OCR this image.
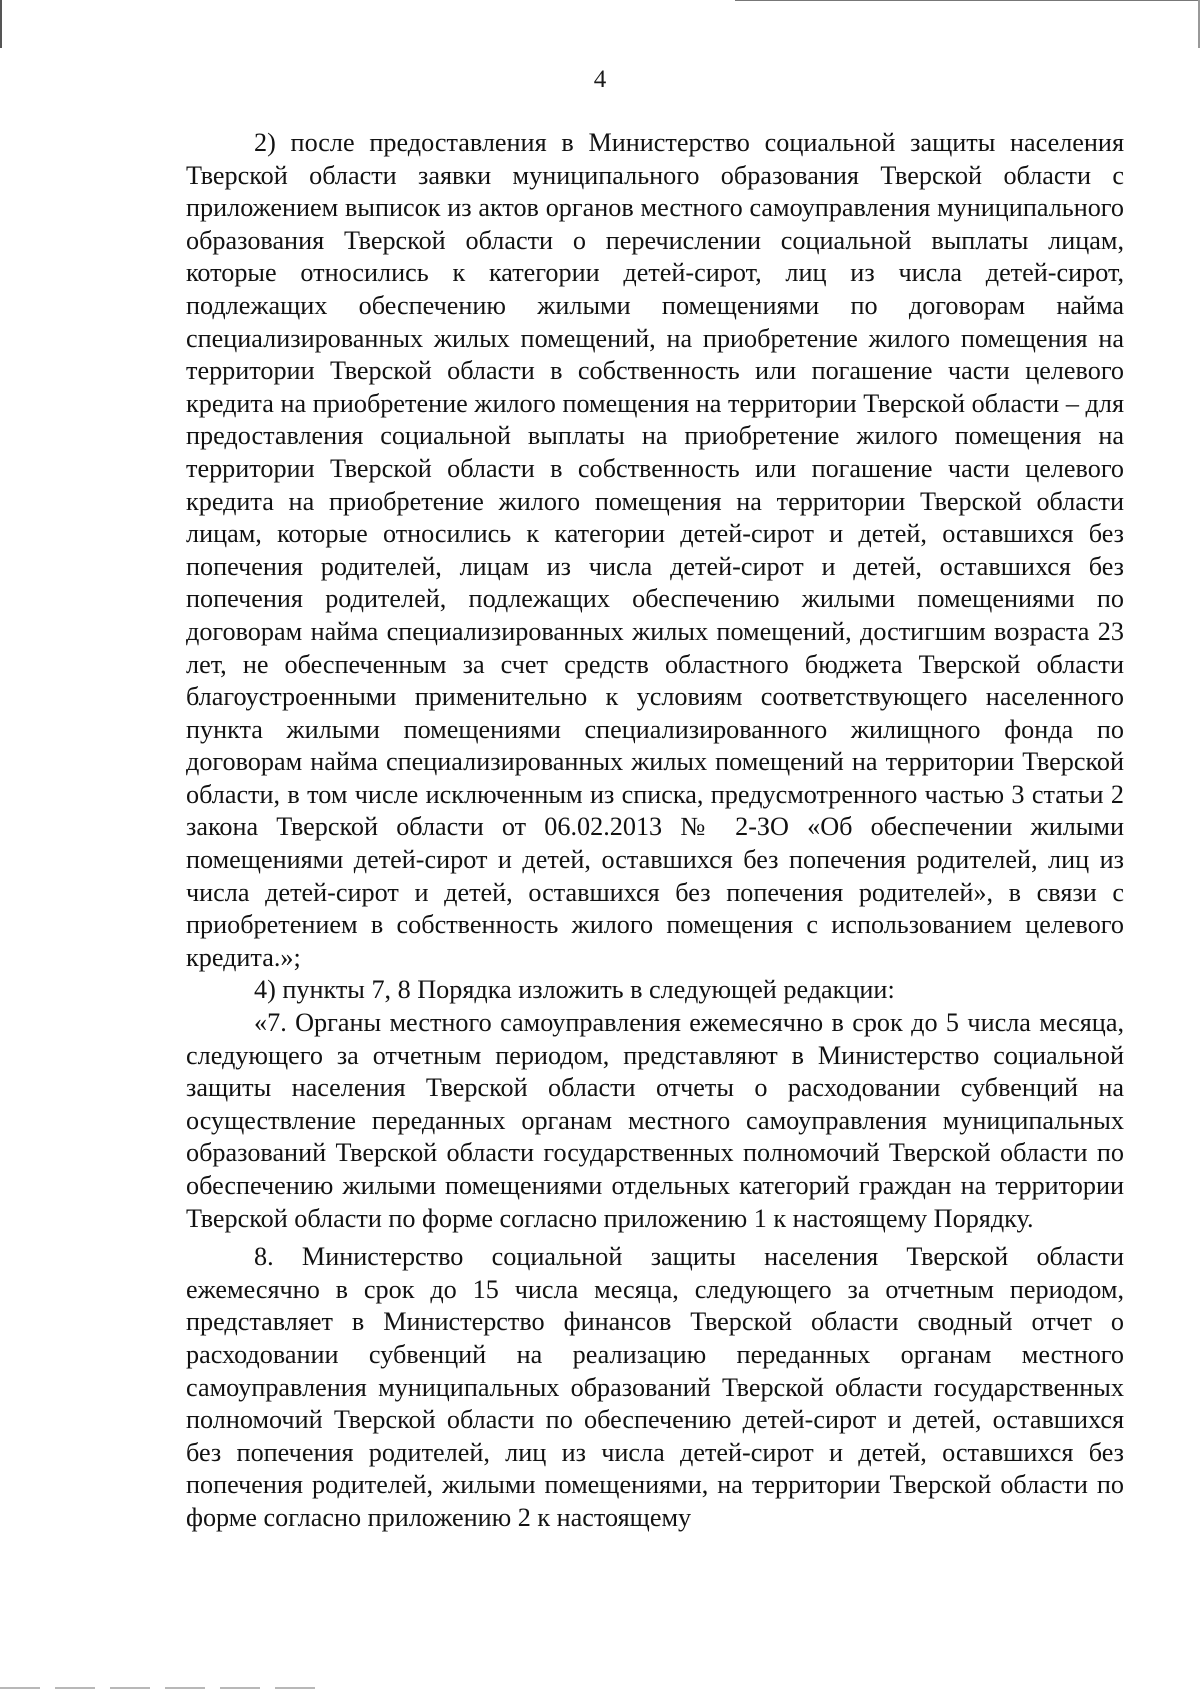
4

2) после предоставления в Министерство социальной защиты населения Тверской области заявки муниципального образования Тверской области с приложением выписок из актов органов местного самоуправления муниципального образования Тверской области о перечислении социальной выплаты лицам, которые относились к категории детей-сирот, лиц из числа детей-сирот, подлежащих обеспечению жилыми помещениями по договорам найма специализированных жилых помещений, на приобретение жилого помещения на территории Тверской области в собственность или погашение части целевого кредита на приобретение жилого помещения на территории Тверской области – для предоставления социальной выплаты на приобретение жилого помещения на территории Тверской области в собственность или погашение части целевого кредита на приобретение жилого помещения на территории Тверской области лицам, которые относились к категории детей-сирот и детей, оставшихся без попечения родителей, лицам из числа детей-сирот и детей, оставшихся без попечения родителей, подлежащих обеспечению жилыми помещениями по договорам найма специализированных жилых помещений, достигшим возраста 23 лет, не обеспеченным за счет средств областного бюджета Тверской области благоустроенными применительно к условиям соответствующего населенного пункта жилыми помещениями специализированного жилищного фонда по договорам найма специализированных жилых помещений на территории Тверской области, в том числе исключенным из списка, предусмотренного частью 3 статьи 2 закона Тверской области от 06.02.2013 № 2-ЗО «Об обеспечении жилыми помещениями детей-сирот и детей, оставшихся без попечения родителей, лиц из числа детей-сирот и детей, оставшихся без попечения родителей», в связи с приобретением в собственность жилого помещения с использованием целевого кредита.»;

4) пункты 7, 8 Порядка изложить в следующей редакции:

«7. Органы местного самоуправления ежемесячно в срок до 5 числа месяца, следующего за отчетным периодом, представляют в Министерство социальной защиты населения Тверской области отчеты о расходовании субвенций на осуществление переданных органам местного самоуправления муниципальных образований Тверской области государственных полномочий Тверской области по обеспечению жилыми помещениями отдельных категорий граждан на территории Тверской области по форме согласно приложению 1 к настоящему Порядку.

8. Министерство социальной защиты населения Тверской области ежемесячно в срок до 15 числа месяца, следующего за отчетным периодом, представляет в Министерство финансов Тверской области сводный отчет о расходовании субвенций на реализацию переданных органам местного самоуправления муниципальных образований Тверской области государственных полномочий Тверской области по обеспечению детей-сирот и детей, оставшихся без попечения родителей, лиц из числа детей-сирот и детей, оставшихся без попечения родителей, жилыми помещениями, на территории Тверской области по форме согласно приложению 2 к настоящему
